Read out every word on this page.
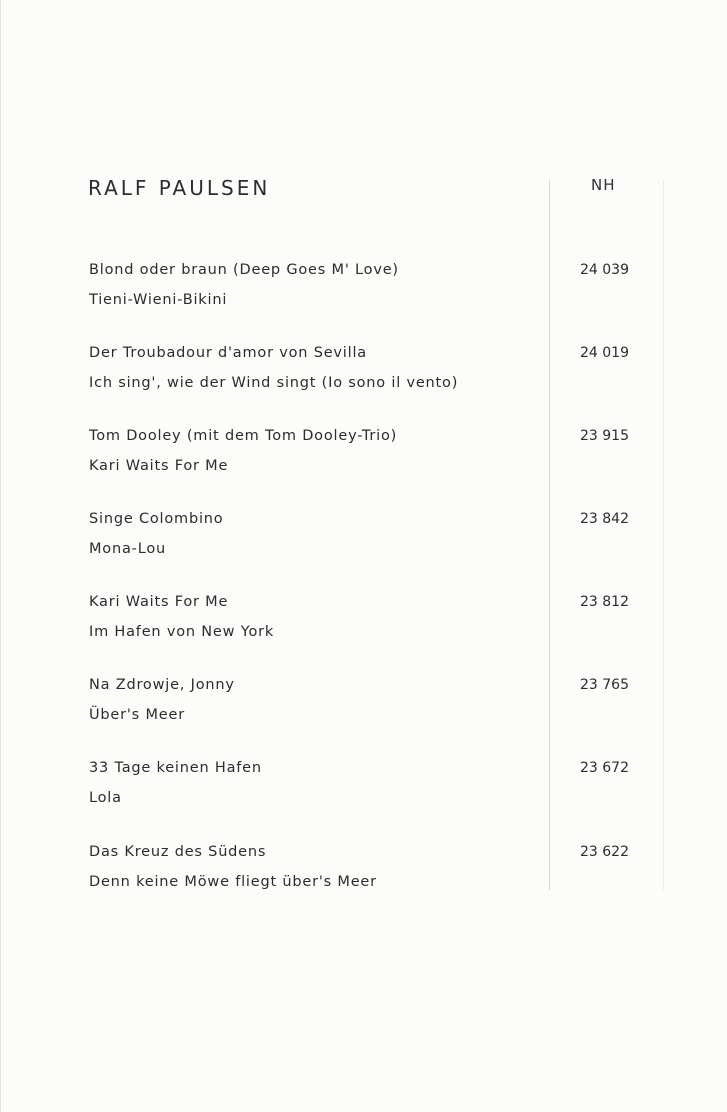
RALF PAULSEN	NH
Blond oder braun (Deep Goes M' Love)
Tieni-Wieni-Bikini
24 039
Der Troubadour d'amor von Sevilla
Ich sing', wie der Wind singt (Io sono il vento)
24 019
Tom Dooley (mit dem Tom Dooley-Trio)
Kari Waits For Me
23 915
Singe Colombino
Mona-Lou
23 842
Kari Waits For Me
Im Hafen von New York
23 812
Na Zdrowje, Jonny
Über's Meer
23 765
33 Tage keinen Hafen
Lola
23 672
Das Kreuz des Südens
Denn keine Möwe fliegt über's Meer
23 622
